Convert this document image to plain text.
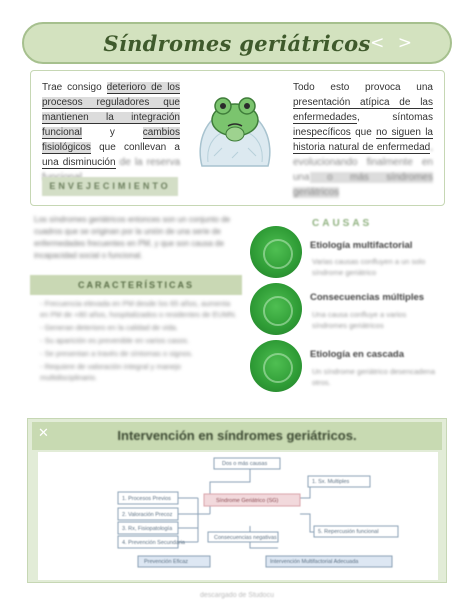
Síndromes geriátricos < >
Trae consigo deterioro de los procesos reguladores que mantienen la integración funcional y cambios fisiológicos que conllevan a una disminución de la reserva
Todo esto provoca una presentación atípica de las enfermedades, síntomas inespecíficos que no siguen la historia natural de enfermedad, evolucionando finalmente en una o más síndromes geriátricos
ENVEJECIMIENTO
Los síndromes geriátricos entonces son un conjunto de cuadros que se originan por la unión de una serie de enfermedades frecuentes en PM, y que son causa de incapacidad social o funcional.
CARACTERÍSTICAS
- Frecuencia elevada en PM desde los 65 años, aumenta en PM de +80 años, hospitalizados o residentes de EUMN.
- Generan deterioro en la calidad de vida.
- Su aparición es prevenible en varios casos.
- Se presentan a través de síntomas o signos.
- Requiere de valoración integral y manejo multidisciplinario.
CAUSAS
Etiología multifactorial
Varias causas confluyen a un solo síndrome geriátrico
Consecuencias múltiples
Una causa confluye a varios síndromes geriátricos
Etiología en cascada
Un síndrome geriátrico desencadena otros.
✕	Intervención en síndromes geriátricos.
1. Procesos Previos
2. Valoración Precoz
3. Rx, Fisiopatología
4. Prevención Secundaria
Dos o más causas
Síndrome Geriátrico (SG)
1. Sx. Multiples
5. Repercusión funcional
Consecuencias negativas
Prevención Eficaz	Intervención Multifactorial Adecuada
descargado de Studocu
